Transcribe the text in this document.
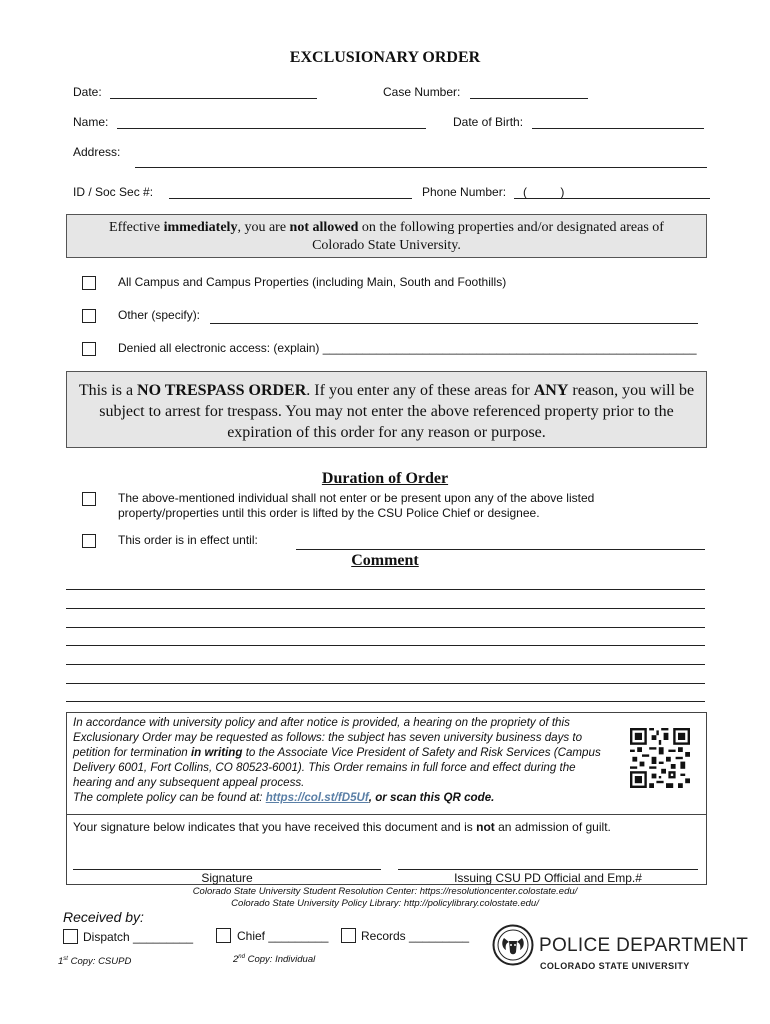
EXCLUSIONARY ORDER
Date:	Case Number:
Name:	Date of Birth:
Address:
ID / Soc Sec #:	Phone Number: (          )
Effective immediately, you are not allowed on the following properties and/or designated areas of Colorado State University.
All Campus and Campus Properties (including Main, South and Foothills)
Other (specify):
Denied all electronic access: (explain) ________________________________________________________
This is a NO TRESPASS ORDER. If you enter any of these areas for ANY reason, you will be subject to arrest for trespass. You may not enter the above referenced property prior to the expiration of this order for any reason or purpose.
Duration of Order
The above-mentioned individual shall not enter or be present upon any of the above listed property/properties until this order is lifted by the CSU Police Chief or designee.
This order is in effect until:
Comment
In accordance with university policy and after notice is provided, a hearing on the propriety of this Exclusionary Order may be requested as follows: the subject has seven university business days to petition for termination in writing to the Associate Vice President of Safety and Risk Services (Campus Delivery 6001, Fort Collins, CO 80523-6001). This Order remains in full force and effect during the hearing and any subsequent appeal process.
The complete policy can be found at: https://col.st/fD5Uf, or scan this QR code.
Your signature below indicates that you have received this document and is not an admission of guilt.
Signature	Issuing CSU PD Official and Emp.#
Colorado State University Student Resolution Center: https://resolutioncenter.colostate.edu/
Colorado State University Policy Library: http://policylibrary.colostate.edu/
Received by:
Dispatch _________	Chief _________	Records _________
1st Copy: CSUPD	2nd Copy: Individual
POLICE DEPARTMENT
COLORADO STATE UNIVERSITY
